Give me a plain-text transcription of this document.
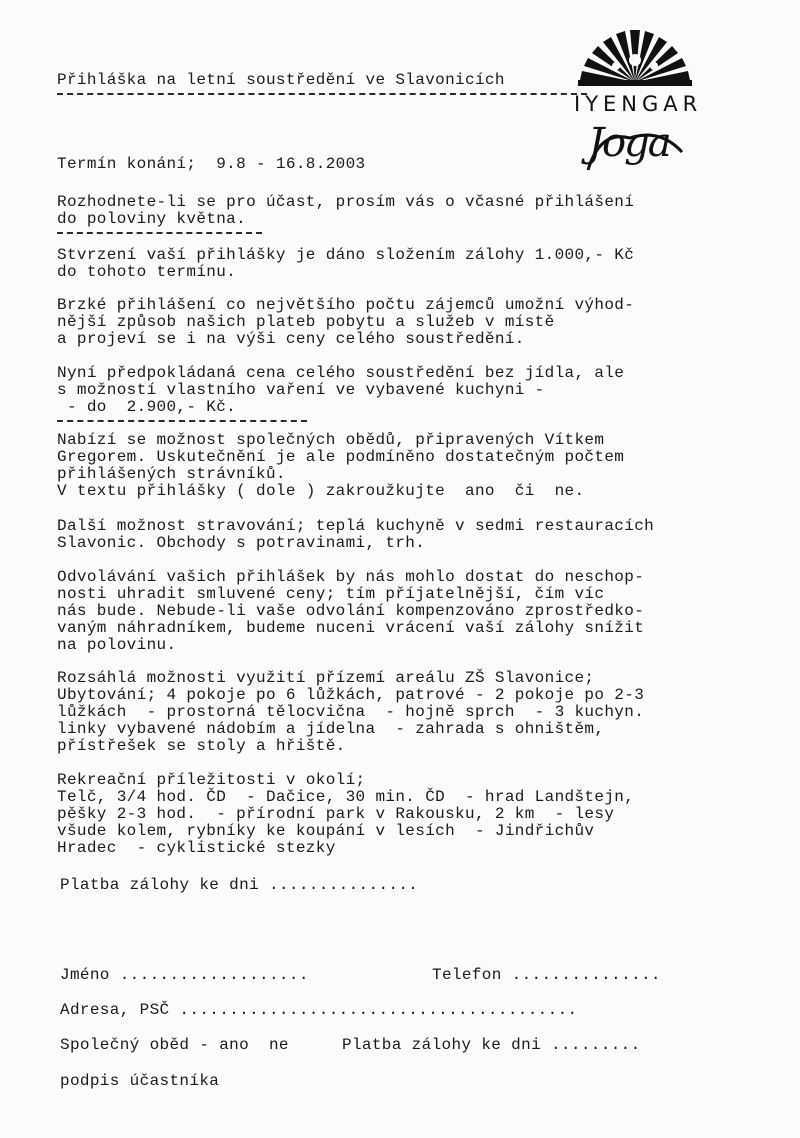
Přihláška na letní soustředění ve Slavonicích
IYENGAR
Joga
Termín konání;  9.8 - 16.8.2003
Rozhodnete-li se pro účast, prosím vás o včasné přihlášení
do poloviny května.
Stvrzení vaší přihlášky je dáno složením zálohy 1.000,- Kč
do tohoto termínu.
Brzké přihlášení co největšího počtu zájemců umožní výhod-
nější způsob našich plateb pobytu a služeb v místě
a projeví se i na výši ceny celého soustředění.
Nyní předpokládaná cena celého soustředění bez jídla, ale
s možností vlastního vaření ve vybavené kuchyni -
- do  2.900,- Kč.
Nabízí se možnost společných obědů, připravených Vítkem
Gregorem. Uskutečnění je ale podmíněno dostatečným počtem
přihlášených strávníků.
V textu přihlášky ( dole ) zakroužkujte  ano  či  ne.
Další možnost stravování; teplá kuchyně v sedmi restauracích
Slavonic. Obchody s potravinami, trh.
Odvolávání vašich přihlášek by nás mohlo dostat do neschop-
nosti uhradit smluvené ceny; tím příjatelnější, čím víc
nás bude. Nebude-li vaše odvolání kompenzováno zprostředko-
vaným náhradníkem, budeme nuceni vrácení vaší zálohy snížit
na polovinu.
Rozsáhlá možnosti využití přízemí areálu ZŠ Slavonice;
Ubytování; 4 pokoje po 6 lůžkách, patrové - 2 pokoje po 2-3
lůžkách  - prostorná tělocvična  - hojně sprch  - 3 kuchyn.
linky vybavené nádobím a jídelna  - zahrada s ohništěm,
přístřešek se stoly a hřiště.
Rekreační příležitosti v okolí;
Telč, 3/4 hod. ČD  - Dačice, 30 min. ČD  - hrad Landštejn,
pěšky 2-3 hod.  - přírodní park v Rakousku, 2 km  - lesy
všude kolem, rybníky ke koupání v lesích  - Jindřichův
Hradec  - cyklistické stezky
Platba zálohy ke dni ...............
Jméno ...................	Telefon ...............
Adresa, PSČ ........................................
Společný oběd - ano  ne	Platba zálohy ke dni .........
podpis účastníka
